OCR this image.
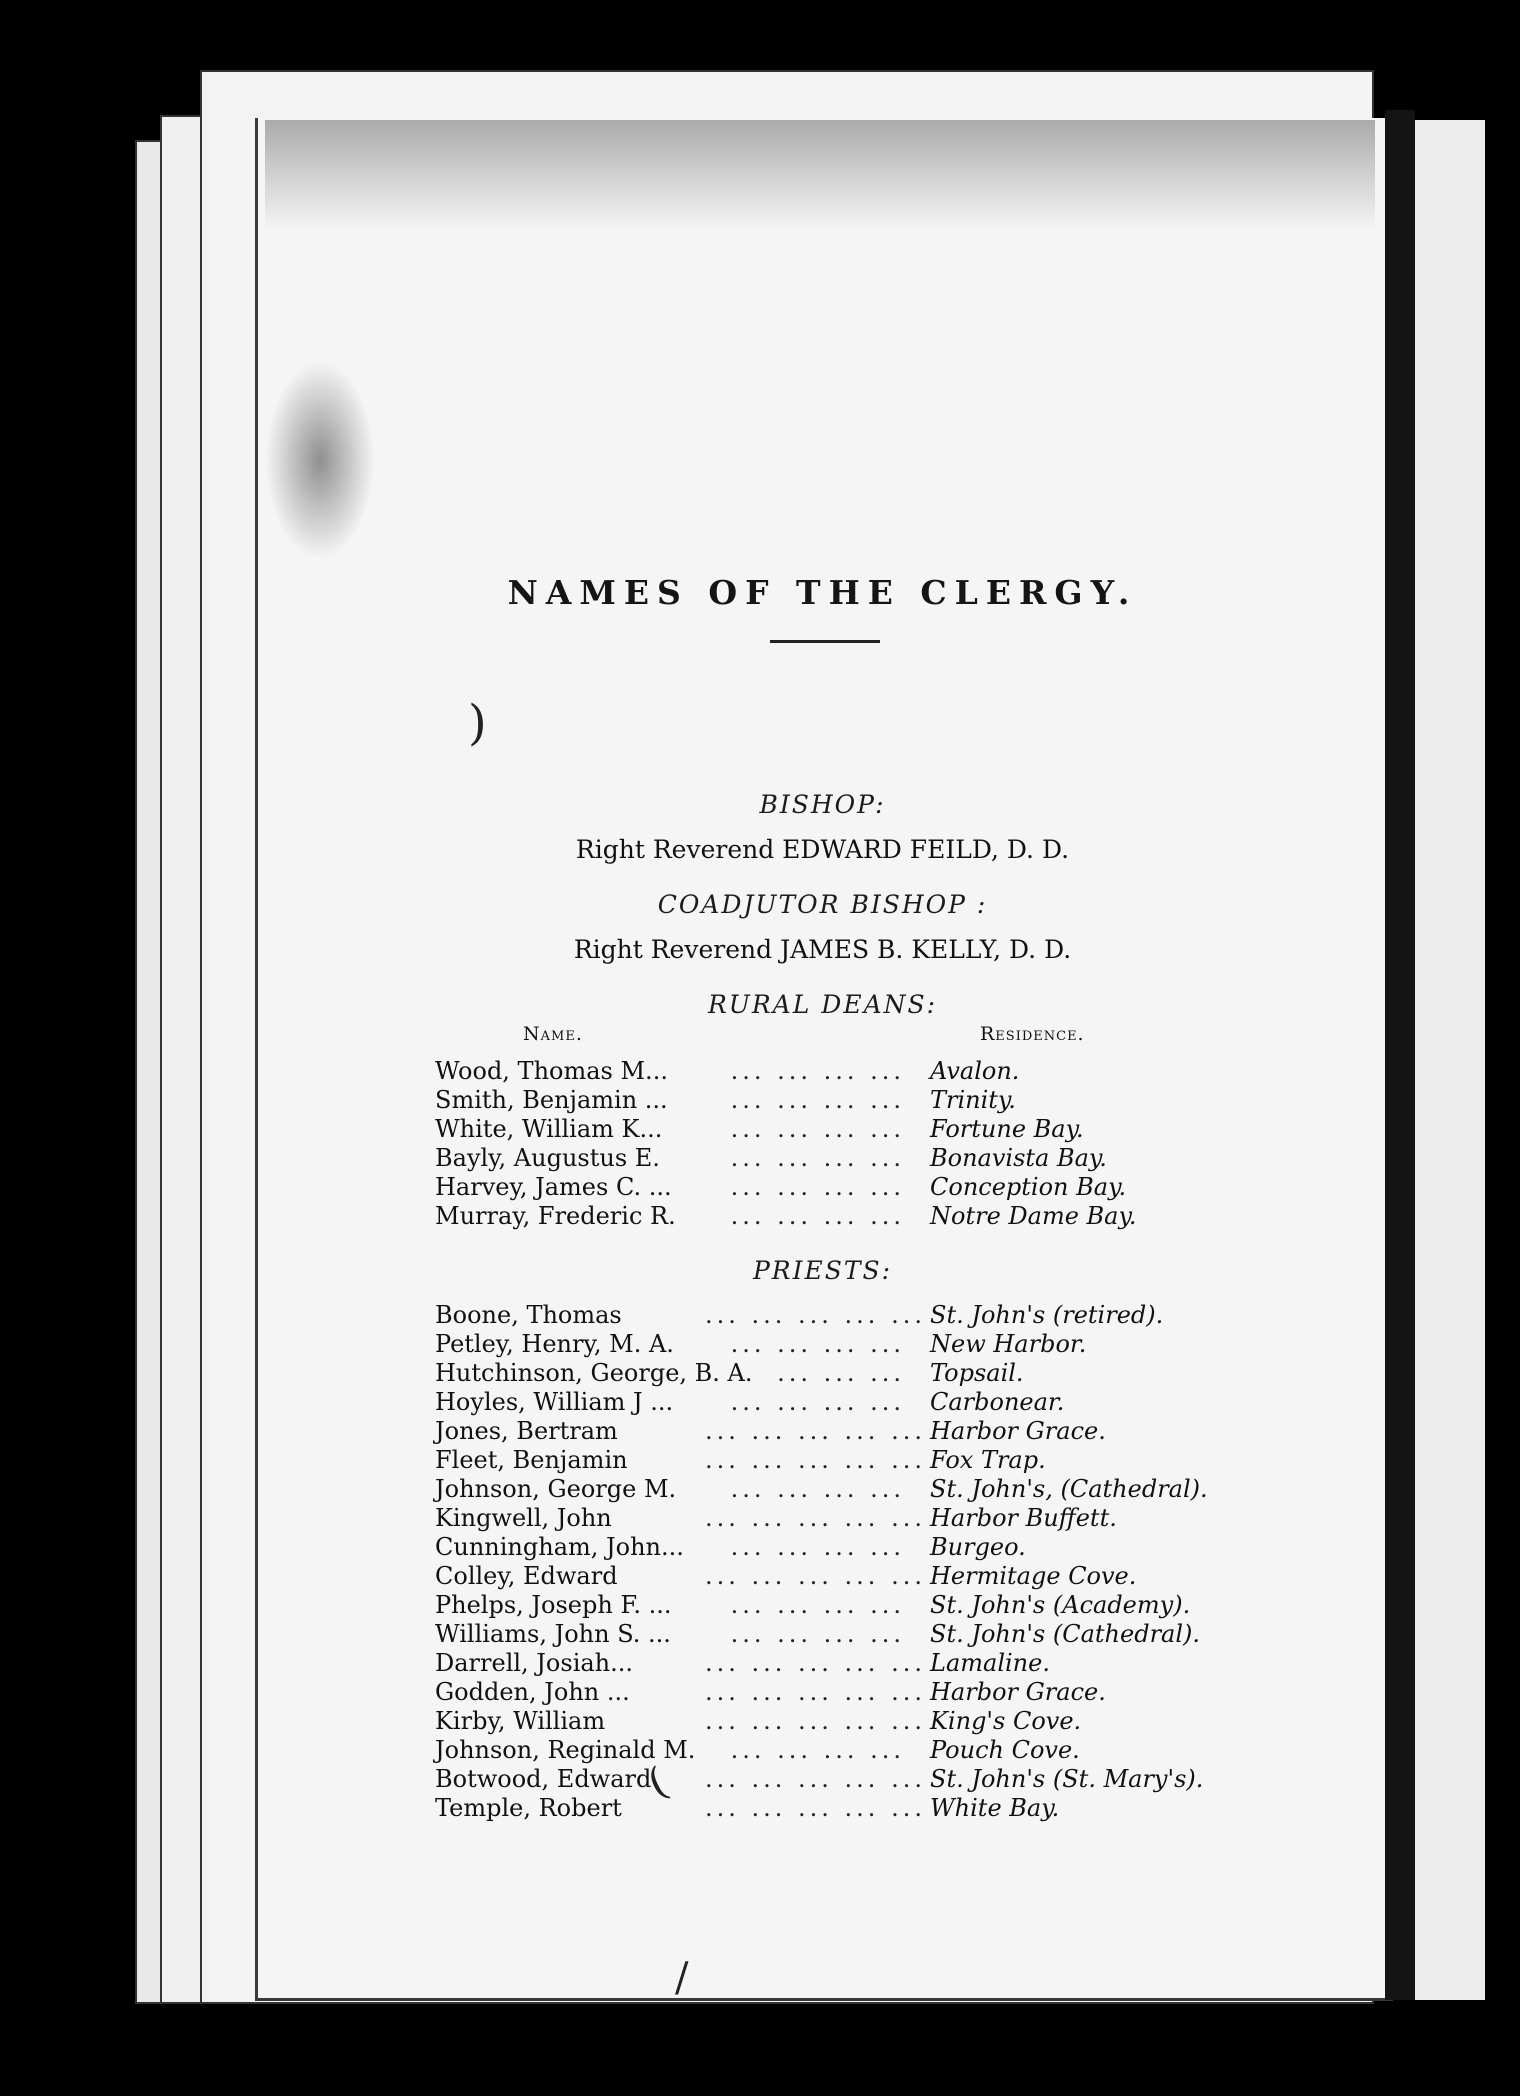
NAMES OF THE CLERGY.
BISHOP:
Right Reverend EDWARD FEILD, D. D.
COADJUTOR BISHOP :
Right Reverend JAMES B. KELLY, D. D.
RURAL DEANS:
Name.	Residence.
Wood, Thomas M...	... ... ... ... Avalon.
Smith, Benjamin ...	... ... ... ... Trinity.
White, William K...	... ... ... ... Fortune Bay.
Bayly, Augustus E.	... ... ... ... Bonavista Bay.
Harvey, James C. ...	... ... ... ... Conception Bay.
Murray, Frederic R.	... ... ... ... Notre Dame Bay.
PRIESTS:
Boone, Thomas	... ... ... ... ... St. John's (retired).
Petley, Henry, M. A.	... ... ... ... New Harbor.
Hutchinson, George, B. A.	... ... ... Topsail.
Hoyles, William J ...	... ... ... ... Carbonear.
Jones, Bertram	... ... ... ... ... Harbor Grace.
Fleet, Benjamin	... ... ... ... ... Fox Trap.
Johnson, George M.	... ... ... ... St. John's, (Cathedral).
Kingwell, John	... ... ... ... ... Harbor Buffett.
Cunningham, John...	... ... ... ... Burgeo.
Colley, Edward	... ... ... ... ... Hermitage Cove.
Phelps, Joseph F. ...	... ... ... ... St. John's (Academy).
Williams, John S. ...	... ... ... ... St. John's (Cathedral).
Darrell, Josiah...	... ... ... ... ... Lamaline.
Godden, John ...	... ... ... ... ... Harbor Grace.
Kirby, William	... ... ... ... ... King's Cove.
Johnson, Reginald M.	... ... ... ... Pouch Cove.
Botwood, Edward ... ... ... ... ... St. John's (St. Mary's).
Temple, Robert	... ... ... ... ... White Bay.
)
(
/
